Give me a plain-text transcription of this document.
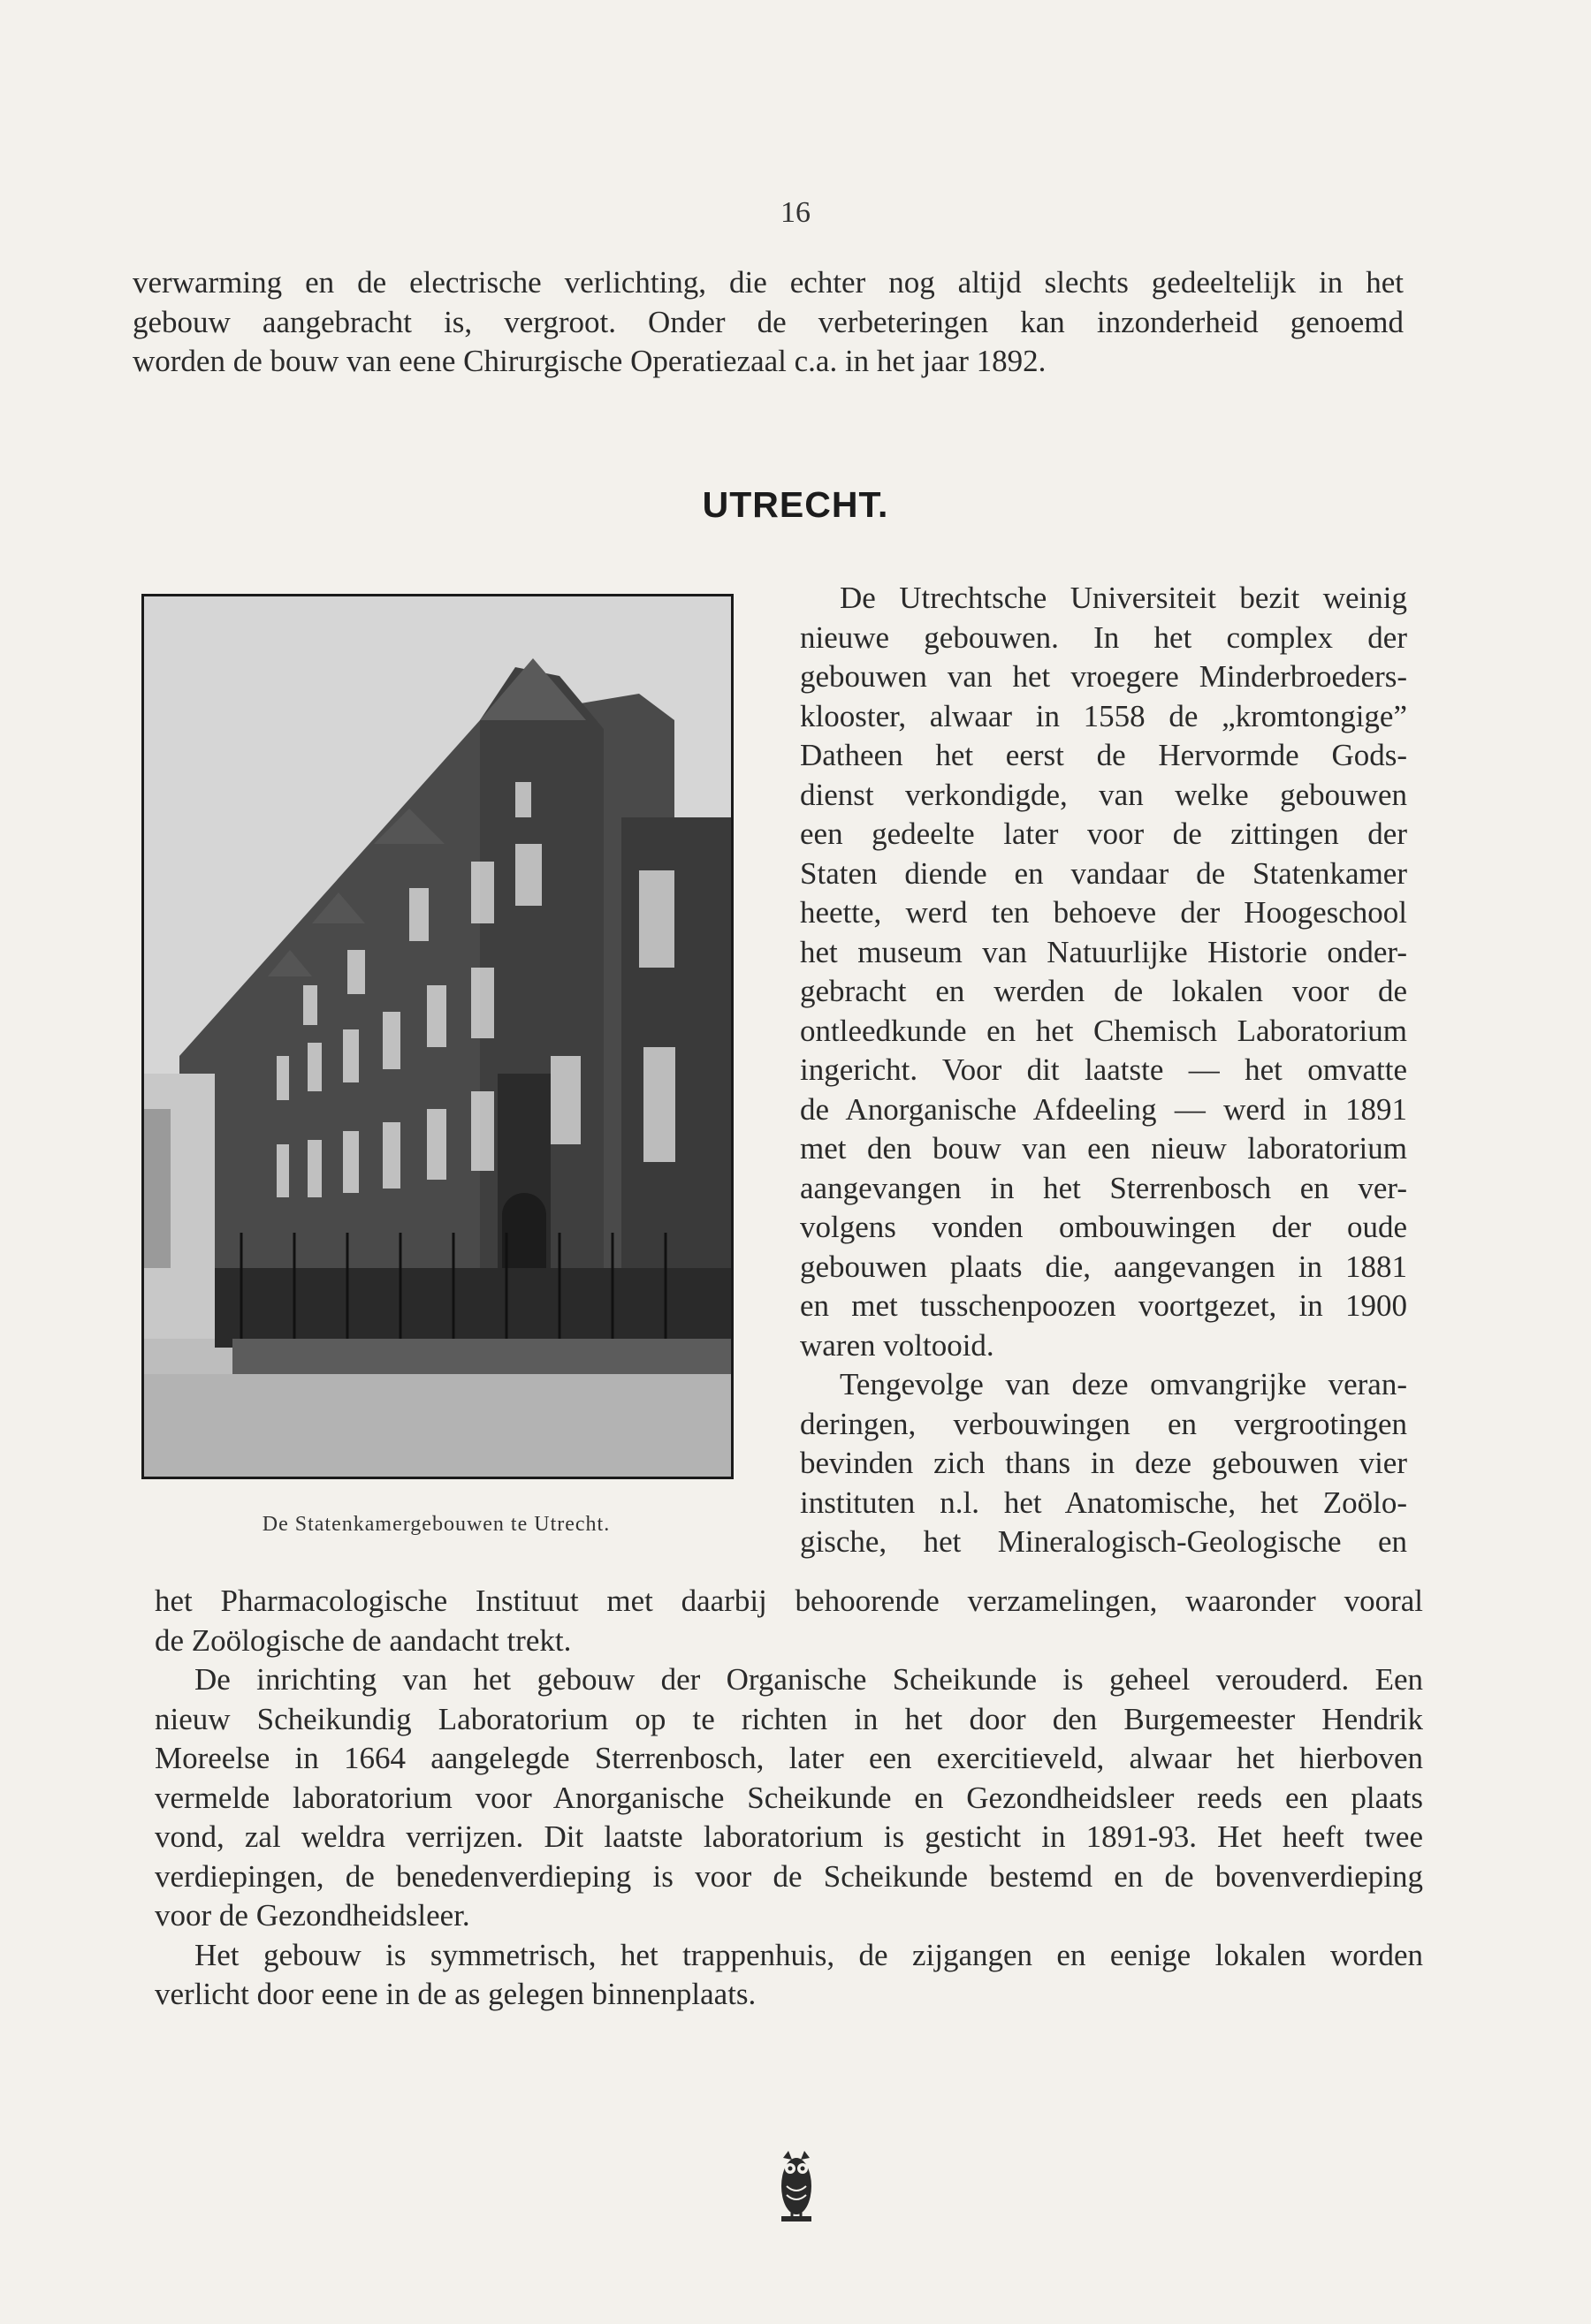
16
verwarming en de electrische verlichting, die echter nog altijd slechts gedeeltelijk in het
gebouw aangebracht is, vergroot. Onder de verbeteringen kan inzonderheid genoemd
worden de bouw van eene Chirurgische Operatiezaal c.a. in het jaar 1892.
UTRECHT.
De Statenkamergebouwen te Utrecht.
De Utrechtsche Universiteit bezit weinig
nieuwe gebouwen. In het complex der
gebouwen van het vroegere Minderbroeders-
klooster, alwaar in 1558 de „kromtongige”
Datheen het eerst de Hervormde Gods-
dienst verkondigde, van welke gebouwen
een gedeelte later voor de zittingen der
Staten diende en vandaar de Statenkamer
heette, werd ten behoeve der Hoogeschool
het museum van Natuurlijke Historie onder-
gebracht en werden de lokalen voor de
ontleedkunde en het Chemisch Laboratorium
ingericht. Voor dit laatste — het omvatte
de Anorganische Afdeeling — werd in 1891
met den bouw van een nieuw laboratorium
aangevangen in het Sterrenbosch en ver-
volgens vonden ombouwingen der oude
gebouwen plaats die, aangevangen in 1881
en met tusschenpoozen voortgezet, in 1900
waren voltooid.
Tengevolge van deze omvangrijke veran-
deringen, verbouwingen en vergrootingen
bevinden zich thans in deze gebouwen vier
instituten n.l. het Anatomische, het Zoölo-
gische, het Mineralogisch-Geologische en
het Pharmacologische Instituut met daarbij behoorende verzamelingen, waaronder vooral
de Zoölogische de aandacht trekt.
De inrichting van het gebouw der Organische Scheikunde is geheel verouderd. Een
nieuw Scheikundig Laboratorium op te richten in het door den Burgemeester Hendrik
Moreelse in 1664 aangelegde Sterrenbosch, later een exercitieveld, alwaar het hierboven
vermelde laboratorium voor Anorganische Scheikunde en Gezondheidsleer reeds een plaats
vond, zal weldra verrijzen. Dit laatste laboratorium is gesticht in 1891-93. Het heeft twee
verdiepingen, de benedenverdieping is voor de Scheikunde bestemd en de bovenverdieping
voor de Gezondheidsleer.
Het gebouw is symmetrisch, het trappenhuis, de zijgangen en eenige lokalen worden
verlicht door eene in de as gelegen binnenplaats.
